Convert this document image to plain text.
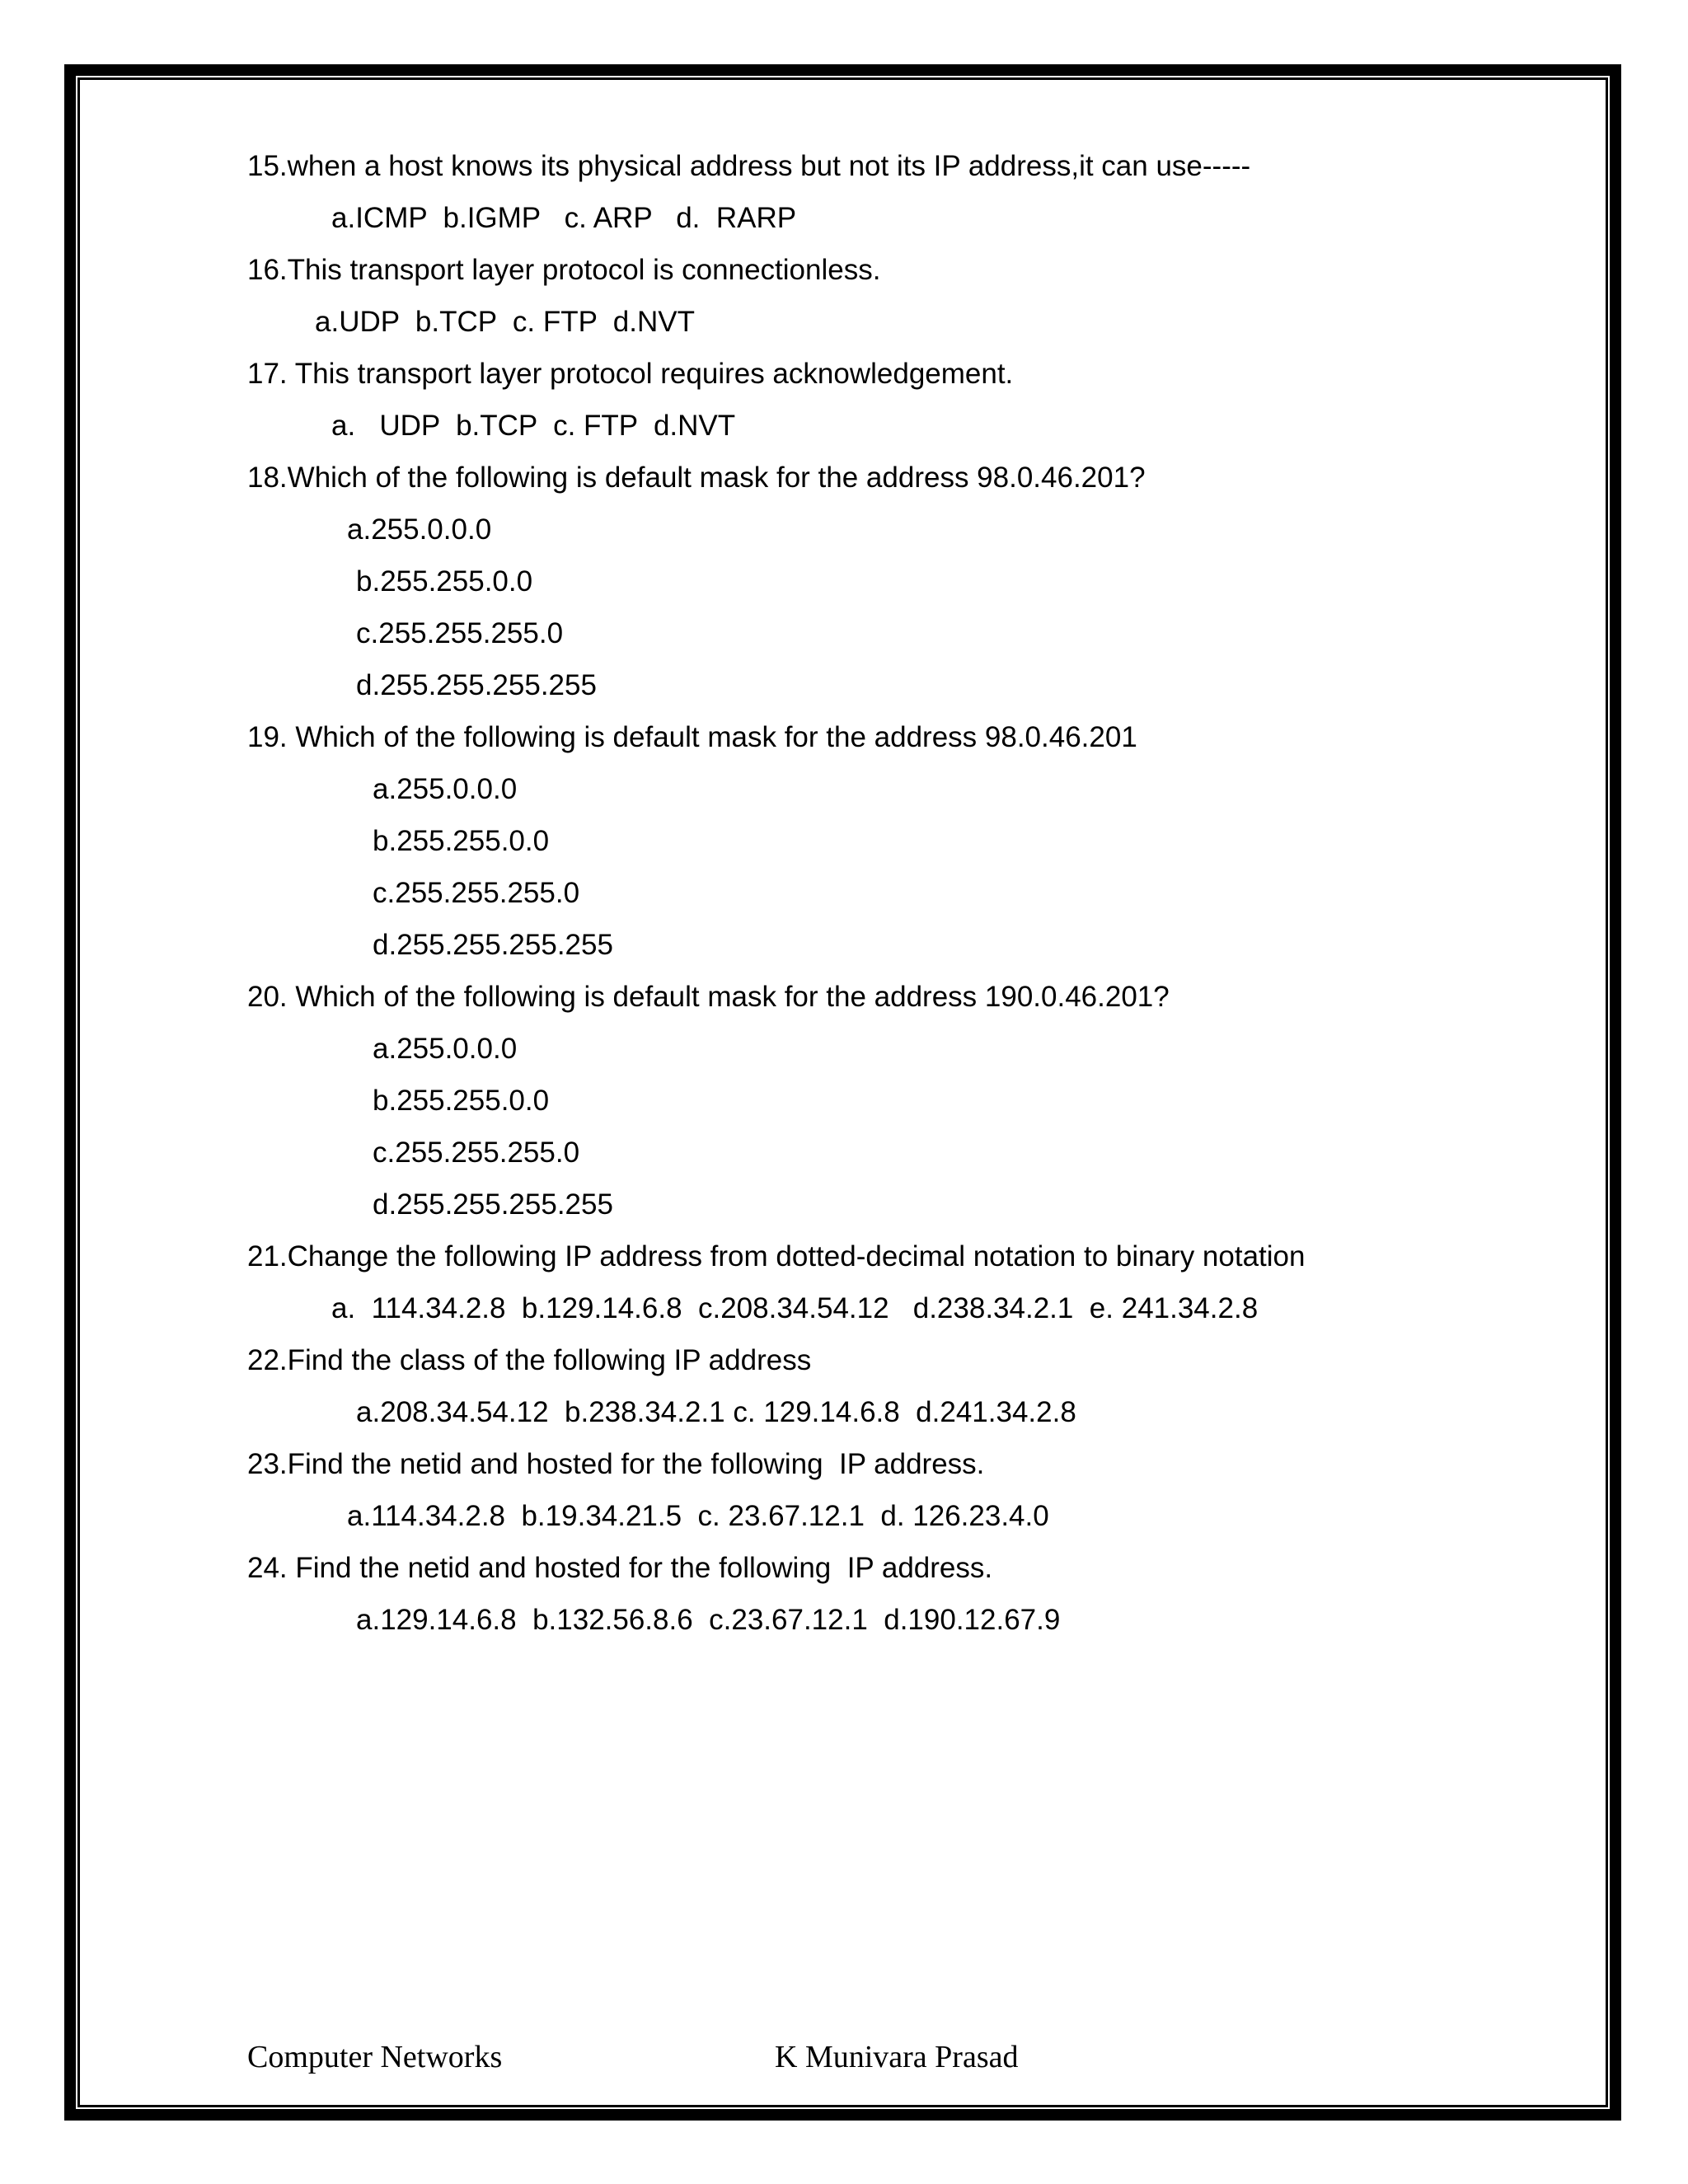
15.when a host knows its physical address but not its IP address,it can use-----
a.ICMP  b.IGMP   c. ARP   d.  RARP
16.This transport layer protocol is connectionless.
a.UDP  b.TCP  c. FTP  d.NVT
17. This transport layer protocol requires acknowledgement.
a.   UDP  b.TCP  c. FTP  d.NVT
18.Which of the following is default mask for the address 98.0.46.201?
a.255.0.0.0
b.255.255.0.0
c.255.255.255.0
d.255.255.255.255
19. Which of the following is default mask for the address 98.0.46.201
a.255.0.0.0
b.255.255.0.0
c.255.255.255.0
d.255.255.255.255
20. Which of the following is default mask for the address 190.0.46.201?
a.255.0.0.0
b.255.255.0.0
c.255.255.255.0
d.255.255.255.255
21.Change the following IP address from dotted-decimal notation to binary notation
a.  114.34.2.8  b.129.14.6.8  c.208.34.54.12   d.238.34.2.1  e. 241.34.2.8
22.Find the class of the following IP address
a.208.34.54.12  b.238.34.2.1 c. 129.14.6.8  d.241.34.2.8
23.Find the netid and hosted for the following  IP address.
a.114.34.2.8  b.19.34.21.5  c. 23.67.12.1  d. 126.23.4.0
24. Find the netid and hosted for the following  IP address.
a.129.14.6.8  b.132.56.8.6  c.23.67.12.1  d.190.12.67.9
Computer Networks	K Munivara Prasad
